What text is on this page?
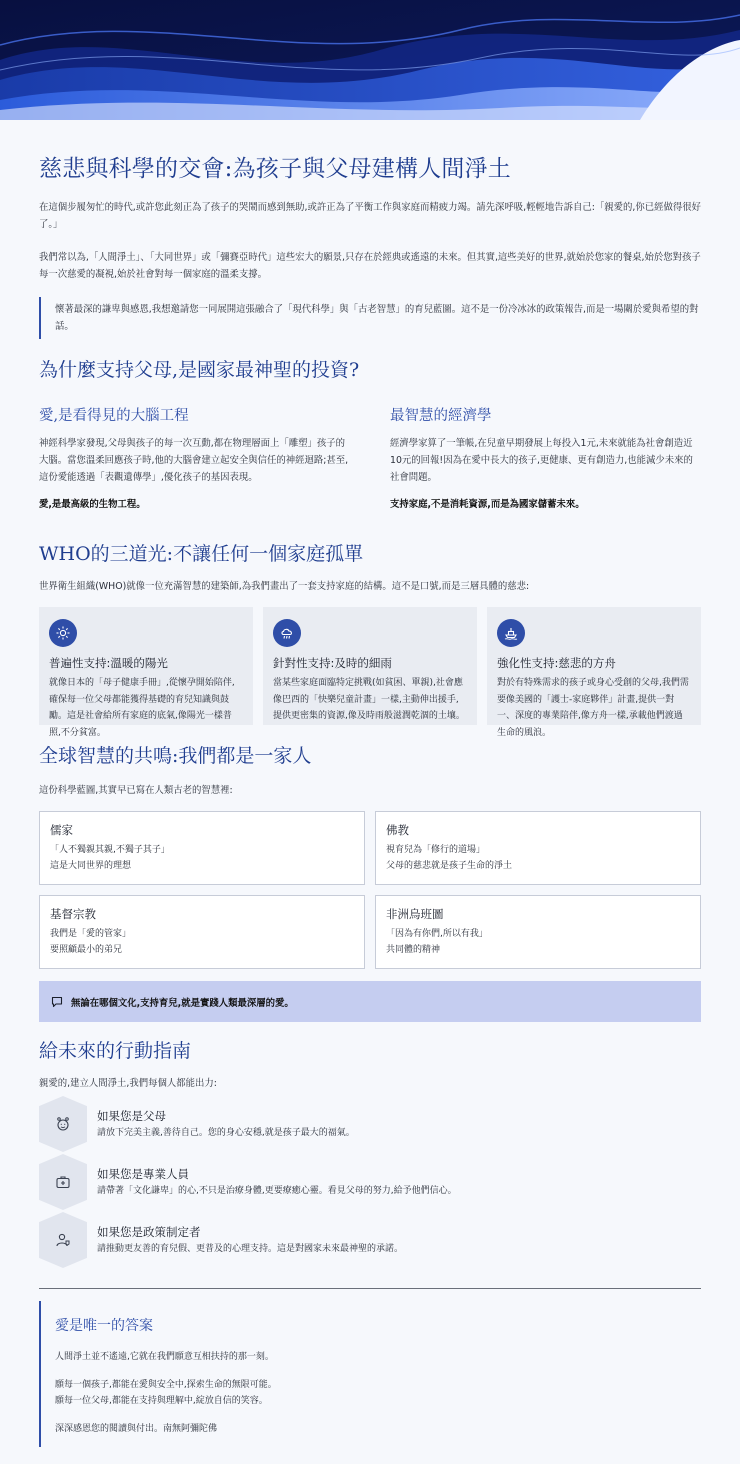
慈悲與科學的交會:為孩子與父母建構人間淨土

在這個步履匆忙的時代,或許您此刻正為了孩子的哭鬧而感到無助,或許正為了平衡工作與家庭而精疲力竭。請先深呼吸,輕輕地告訴自己:「親愛的,你已經做得很好了。」

我們常以為,「人間淨土」、「大同世界」或「彌賽亞時代」這些宏大的願景,只存在於經典或遙遠的未來。但其實,這些美好的世界,就始於您家的餐桌,始於您對孩子每一次慈愛的凝視,始於社會對每一個家庭的溫柔支撐。

懷著最深的謙卑與感恩,我想邀請您一同展開這張融合了「現代科學」與「古老智慧」的育兒藍圖。這不是一份冷冰冰的政策報告,而是一場關於愛與希望的對話。

為什麼支持父母,是國家最神聖的投資?
愛,是看得見的大腦工程

神經科學家發現,父母與孩子的每一次互動,都在物理層面上「雕塑」孩子的大腦。當您溫柔回應孩子時,他的大腦會建立起安全與信任的神經迴路;甚至,這份愛能透過「表觀遺傳學」,優化孩子的基因表現。

愛,是最高級的生物工程。

最智慧的經濟學

經濟學家算了一筆帳,在兒童早期發展上每投入1元,未來就能為社會創造近10元的回報!因為在愛中長大的孩子,更健康、更有創造力,也能減少未來的社會問題。

支持家庭,不是消耗資源,而是為國家儲蓄未來。

WHO的三道光:不讓任何一個家庭孤單

世界衛生組織(WHO)就像一位充滿智慧的建築師,為我們畫出了一套支持家庭的結構。這不是口號,而是三層具體的慈悲:

普遍性支持:溫暖的陽光

就像日本的「母子健康手冊」,從懷孕開始陪伴,確保每一位父母都能獲得基礎的育兒知識與鼓勵。這是社會給所有家庭的底氣,像陽光一樣普照,不分貧富。

針對性支持:及時的細雨

當某些家庭面臨特定挑戰(如貧困、單親),社會應像巴西的「快樂兒童計畫」一樣,主動伸出援手,提供更密集的資源,像及時雨般滋潤乾涸的土壤。

強化性支持:慈悲的方舟

對於有特殊需求的孩子或身心受創的父母,我們需要像美國的「護士-家庭夥伴」計畫,提供一對一、深度的專業陪伴,像方舟一樣,承載他們渡過生命的風浪。

全球智慧的共鳴:我們都是一家人

這份科學藍圖,其實早已寫在人類古老的智慧裡:

儒家

「人不獨親其親,不獨子其子」

這是大同世界的理想

佛教

視育兒為「修行的道場」

父母的慈悲就是孩子生命的淨土

基督宗教

我們是「愛的管家」

要照顧最小的弟兄

非洲烏班圖

「因為有你們,所以有我」

共同體的精神

無論在哪個文化,支持育兒,就是實踐人類最深層的愛。
給未來的行動指南

親愛的,建立人間淨土,我們每個人都能出力:

如果您是父母

請放下完美主義,善待自己。您的身心安穩,就是孩子最大的福氣。

如果您是專業人員

請帶著「文化謙卑」的心,不只是治療身體,更要療癒心靈。看見父母的努力,給予他們信心。

如果您是政策制定者

請推動更友善的育兒假、更普及的心理支持。這是對國家未來最神聖的承諾。

愛是唯一的答案

人間淨土並不遙遠,它就在我們願意互相扶持的那一刻。

願每一個孩子,都能在愛與安全中,探索生命的無限可能。

願每一位父母,都能在支持與理解中,綻放自信的笑容。

深深感恩您的閱讀與付出。南無阿彌陀佛
